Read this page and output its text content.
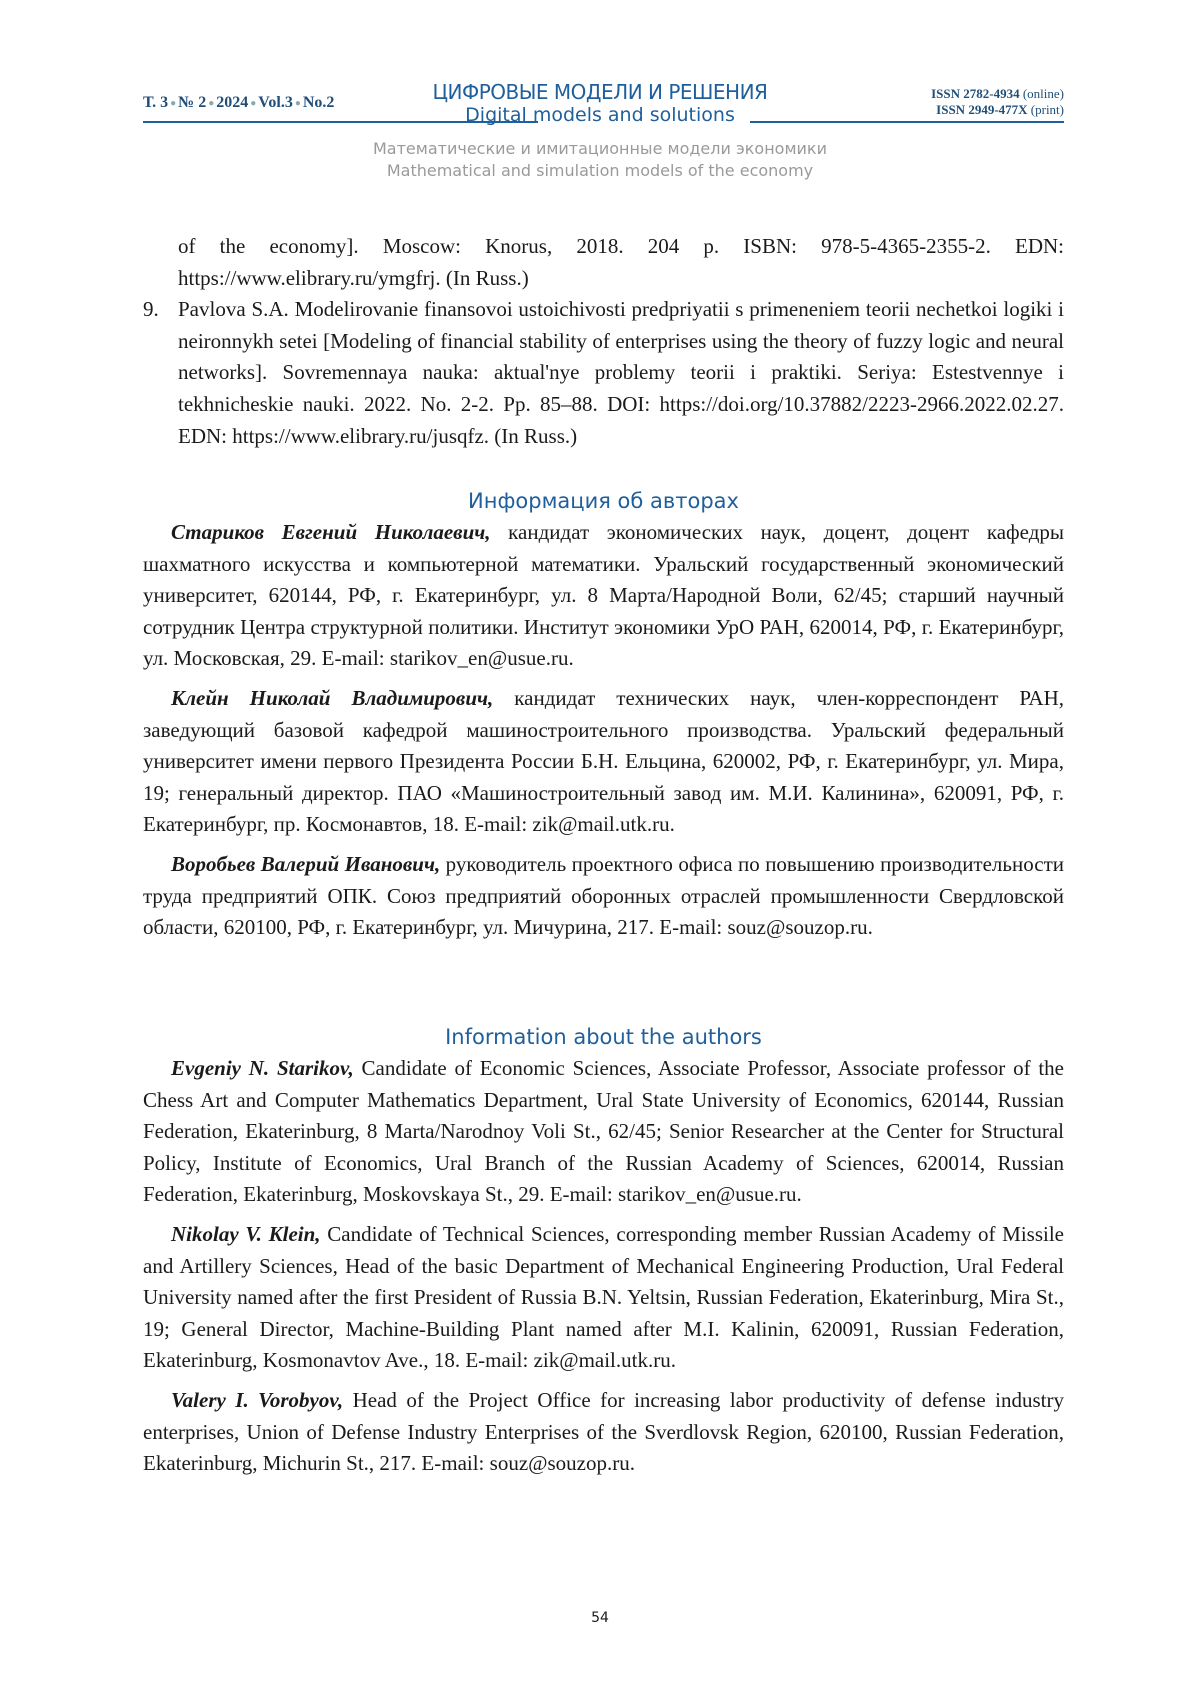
Т. 3 ● № 2 ● 2024 ● Vol.3 ● No.2	ЦИФРОВЫЕ МОДЕЛИ И РЕШЕНИЯ
Digital models and solutions
ISSN 2782-4934 (online)
ISSN 2949-477X (print)
Математические и имитационные модели экономики
Mathematical and simulation models of the economy

of the economy]. Moscow: Knorus, 2018. 204 p. ISBN: 978-5-4365-2355-2. EDN: https://www.elibrary.ru/ymgfrj. (In Russ.)

9. Pavlova S.A. Modelirovanie finansovoi ustoichivosti predpriyatii s primeneniem teorii nechetkoi logiki i neironnykh setei [Modeling of financial stability of enterprises using the theory of fuzzy logic and neural networks]. Sovremennaya nauka: aktual'nye problemy teorii i praktiki. Seriya: Estestvennye i tekhnicheskie nauki. 2022. No. 2-2. Pp. 85–88. DOI: https://doi.org/10.37882/2223-2966.2022.02.27. EDN: https://www.elibrary.ru/jusqfz. (In Russ.)

Информация об авторах

Стариков Евгений Николаевич, кандидат экономических наук, доцент, доцент кафедры шахматного искусства и компьютерной математики. Уральский государственный экономический университет, 620144, РФ, г. Екатеринбург, ул. 8 Марта/Народной Воли, 62/45; старший научный сотрудник Центра структурной политики. Институт экономики УрО РАН, 620014, РФ, г. Екатеринбург, ул. Московская, 29. E-mail: starikov_en@usue.ru.

Клейн Николай Владимирович, кандидат технических наук, член-корреспондент РАН, заведующий базовой кафедрой машиностроительного производства. Уральский федеральный университет имени первого Президента России Б.Н. Ельцина, 620002, РФ, г. Екатеринбург, ул. Мира, 19; генеральный директор. ПАО «Машиностроительный завод им. М.И. Калинина», 620091, РФ, г. Екатеринбург, пр. Космонавтов, 18. E-mail: zik@mail.utk.ru.

Воробьев Валерий Иванович, руководитель проектного офиса по повышению производительности труда предприятий ОПК. Союз предприятий оборонных отраслей промышленности Свердловской области, 620100, РФ, г. Екатеринбург, ул. Мичурина, 217. E-mail: souz@souzop.ru.

Information about the authors

Evgeniy N. Starikov, Candidate of Economic Sciences, Associate Professor, Associate professor of the Chess Art and Computer Mathematics Department, Ural State University of Economics, 620144, Russian Federation, Ekaterinburg, 8 Marta/Narodnoy Voli St., 62/45; Senior Researcher at the Center for Structural Policy, Institute of Economics, Ural Branch of the Russian Academy of Sciences, 620014, Russian Federation, Ekaterinburg, Moskovskaya St., 29. E-mail: starikov_en@usue.ru.

Nikolay V. Klein, Candidate of Technical Sciences, corresponding member Russian Academy of Missile and Artillery Sciences, Head of the basic Department of Mechanical Engineering Production, Ural Federal University named after the first President of Russia B.N. Yeltsin, Russian Federation, Ekaterinburg, Mira St., 19; General Director, Machine-Building Plant named after M.I. Kalinin, 620091, Russian Federation, Ekaterinburg, Kosmonavtov Ave., 18. E-mail: zik@mail.utk.ru.

Valery I. Vorobyov, Head of the Project Office for increasing labor productivity of defense industry enterprises, Union of Defense Industry Enterprises of the Sverdlovsk Region, 620100, Russian Federation, Ekaterinburg, Michurin St., 217. E-mail: souz@souzop.ru.

54
